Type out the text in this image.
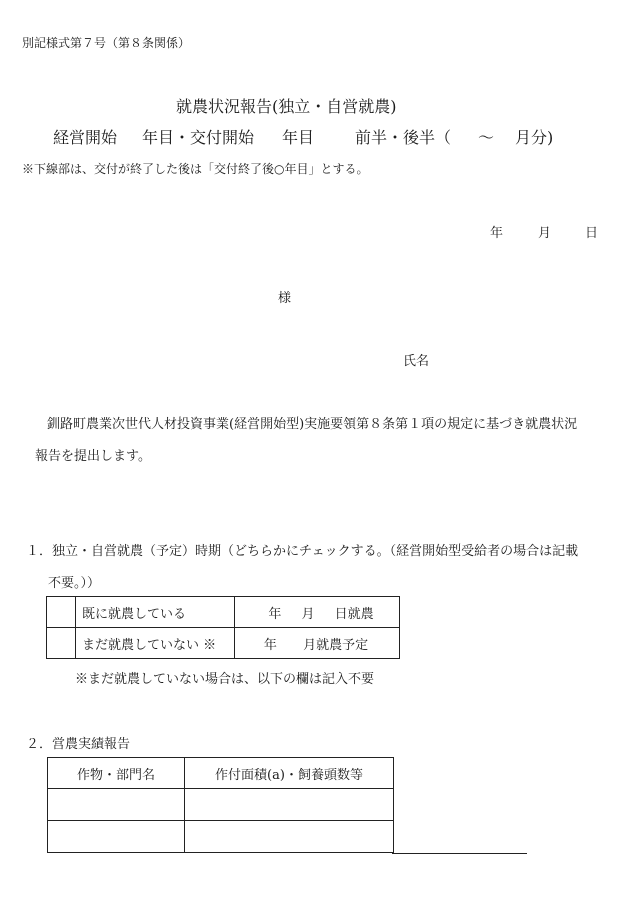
別記様式第７号（第８条関係）
就農状況報告(独立・自営就農)
経営開始 年目・交付開始 年目	前半・後半（ ～ 月分)
※下線部は、交付が終了した後は「交付終了後○年目」とする。
年	月	日
様
氏名
釧路町農業次世代人材投資事業(経営開始型)実施要領第８条第１項の規定に基づき就農状況
報告を提出します。
１．独立・自営就農（予定）時期（どちらかにチェックする。（経営開始型受給者の場合は記載
不要。））
	既に就農している	年 月 日就農
	まだ就農していない ※	年 月就農予定
※まだ就農していない場合は、以下の欄は記入不要
２．営農実績報告
作物・部門名	作付面積(a)・飼養頭数等
